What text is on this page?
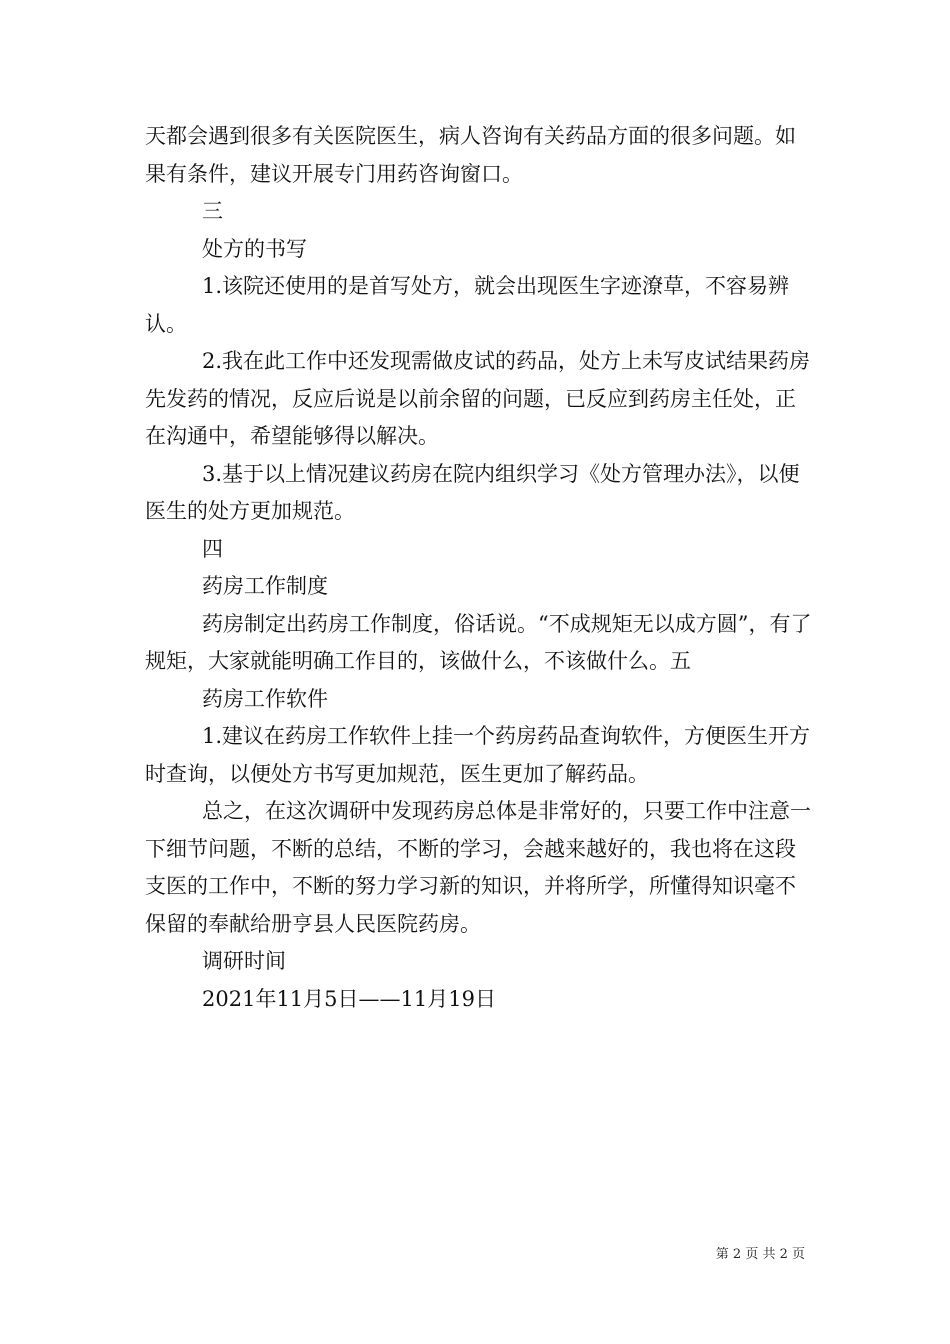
天都会遇到很多有关医院医生，病人咨询有关药品方面的很多问题。如果有条件，建议开展专门用药咨询窗口。

三

处方的书写

1.该院还使用的是首写处方，就会出现医生字迹潦草，不容易辨认。

2.我在此工作中还发现需做皮试的药品，处方上未写皮试结果药房先发药的情况，反应后说是以前余留的问题，已反应到药房主任处，正在沟通中，希望能够得以解决。

3.基于以上情况建议药房在院内组织学习《处方管理办法》，以便医生的处方更加规范。

四

药房工作制度

药房制定出药房工作制度，俗话说。“不成规矩无以成方圆”，有了规矩，大家就能明确工作目的，该做什么，不该做什么。五

药房工作软件

1.建议在药房工作软件上挂一个药房药品查询软件，方便医生开方时查询，以便处方书写更加规范，医生更加了解药品。

总之，在这次调研中发现药房总体是非常好的，只要工作中注意一下细节问题，不断的总结，不断的学习，会越来越好的，我也将在这段支医的工作中，不断的努力学习新的知识，并将所学，所懂得知识毫不保留的奉献给册亨县人民医院药房。

调研时间

2021年11月5日——11月19日

第 2 页 共 2 页
